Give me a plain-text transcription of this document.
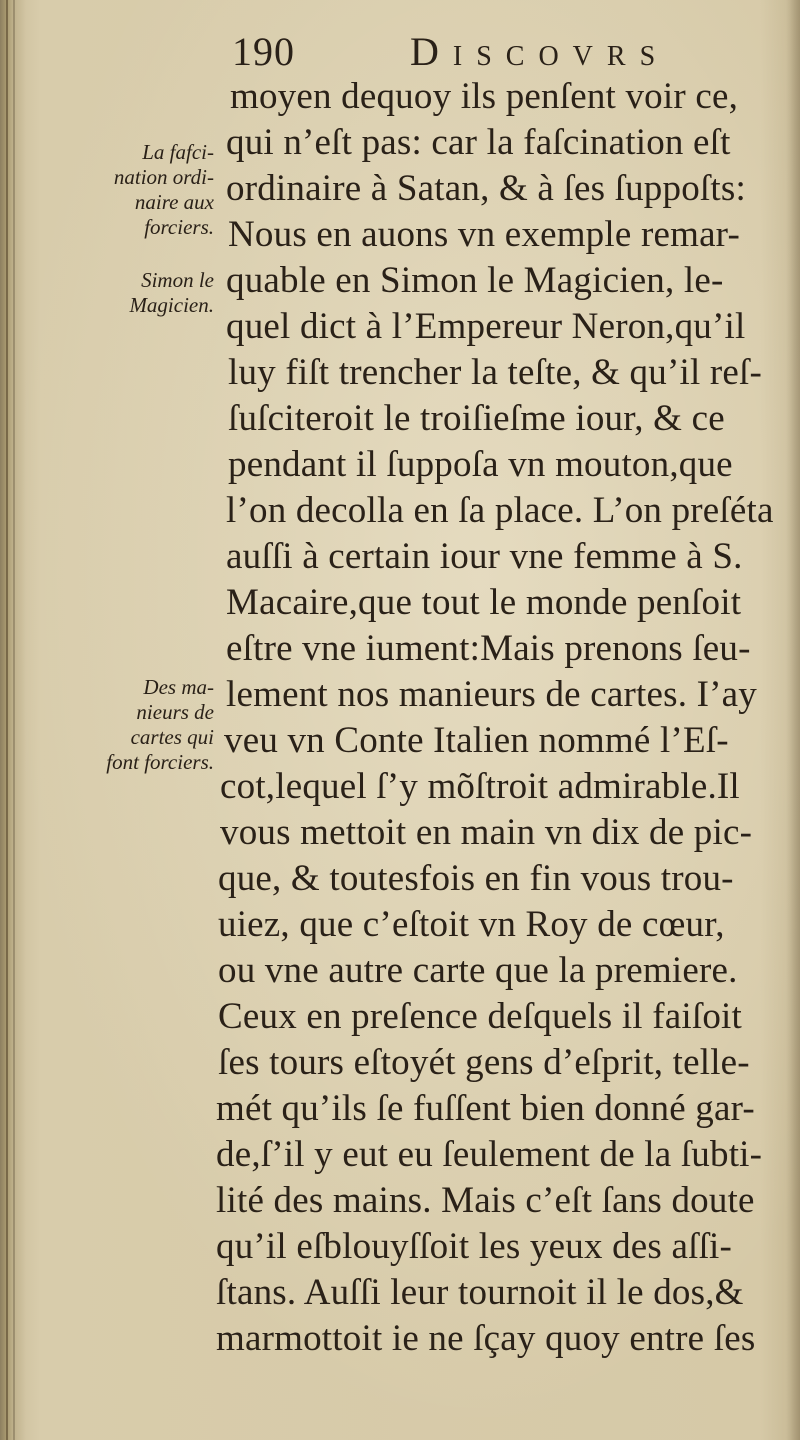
190	Discovrs
La fafci-
nation ordi-
naire aux
forciers.
Simon le
Magicien.
Des ma-
nieurs de
cartes qui
font forciers.
moyen dequoy ils penſent voir ce,
qui n’eſt pas: car la faſcination eſt
ordinaire à Satan, & à ſes ſuppoſts:
Nous en auons vn exemple remar-
quable en Simon le Magicien, le-
quel dict à l’Empereur Neron,qu’il
luy fiſt trencher la teſte, & qu’il reſ-
ſuſciteroit le troiſieſme iour, & ce
pendant il ſuppoſa vn mouton,que
l’on decolla en ſa place. L’on preſéta
auſſi à certain iour vne femme à S.
Macaire,que tout le monde penſoit
eſtre vne iument:Mais prenons ſeu-
lement nos manieurs de cartes. I’ay
veu vn Conte Italien nommé l’Eſ-
cot,lequel ſ’y mõſtroit admirable.Il
vous mettoit en main vn dix de pic-
que, & toutesfois en fin vous trou-
uiez, que c’eſtoit vn Roy de cœur,
ou vne autre carte que la premiere.
Ceux en preſence deſquels il faiſoit
ſes tours eſtoyét gens d’eſprit, telle-
mét qu’ils ſe fuſſent bien donné gar-
de,ſ’il y eut eu ſeulement de la ſubti-
lité des mains. Mais c’eſt ſans doute
qu’il eſblouyſſoit les yeux des aſſi-
ſtans. Auſſi leur tournoit il le dos,&
marmottoit ie ne ſçay quoy entre ſes
